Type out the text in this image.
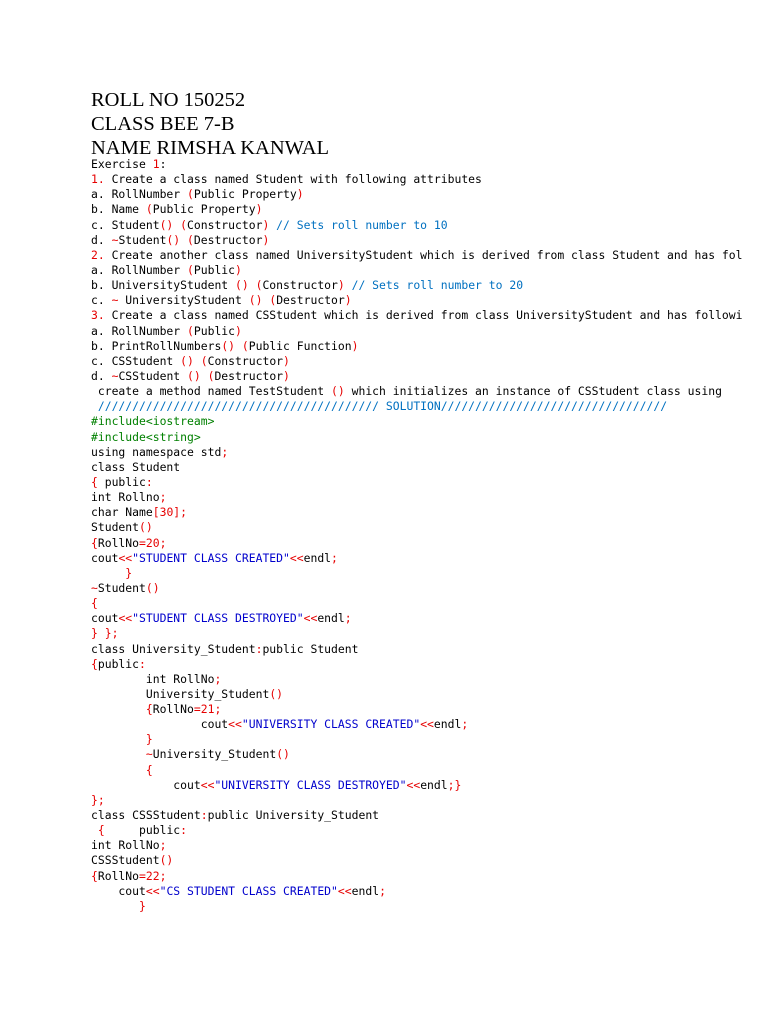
ROLL NO 150252
CLASS BEE 7-B
NAME RIMSHA KANWAL
Exercise 1:
1. Create a class named Student with following attributes
a. RollNumber (Public Property)
b. Name (Public Property)
c. Student() (Constructor) // Sets roll number to 10
d. ~Student() (Destructor)
2. Create another class named UniversityStudent which is derived from class Student and has fol
a. RollNumber (Public)
b. UniversityStudent () (Constructor) // Sets roll number to 20
c. ~ UniversityStudent () (Destructor)
3. Create a class named CSStudent which is derived from class UniversityStudent and has followi
a. RollNumber (Public)
b. PrintRollNumbers() (Public Function)
c. CSStudent () (Constructor)
d. ~CSStudent () (Destructor)
create a method named TestStudent () which initializes an instance of CSStudent class using
///////////////////////////////////////// SOLUTION/////////////////////////////////
#include<iostream>
#include<string>
using namespace std;
class Student
{ public:
int Rollno;
char Name[30];
Student()
{RollNo=20;
cout<<"STUDENT CLASS CREATED"<<endl;
}
~Student()
{
cout<<"STUDENT CLASS DESTROYED"<<endl;
} };
class University_Student:public Student
{public:
int RollNo;
University_Student()
{RollNo=21;
cout<<"UNIVERSITY CLASS CREATED"<<endl;
}
~University_Student()
{
cout<<"UNIVERSITY CLASS DESTROYED"<<endl;}
};
class CSSStudent:public University_Student
{     public:
int RollNo;
CSSStudent()
{RollNo=22;
cout<<"CS STUDENT CLASS CREATED"<<endl;
}
